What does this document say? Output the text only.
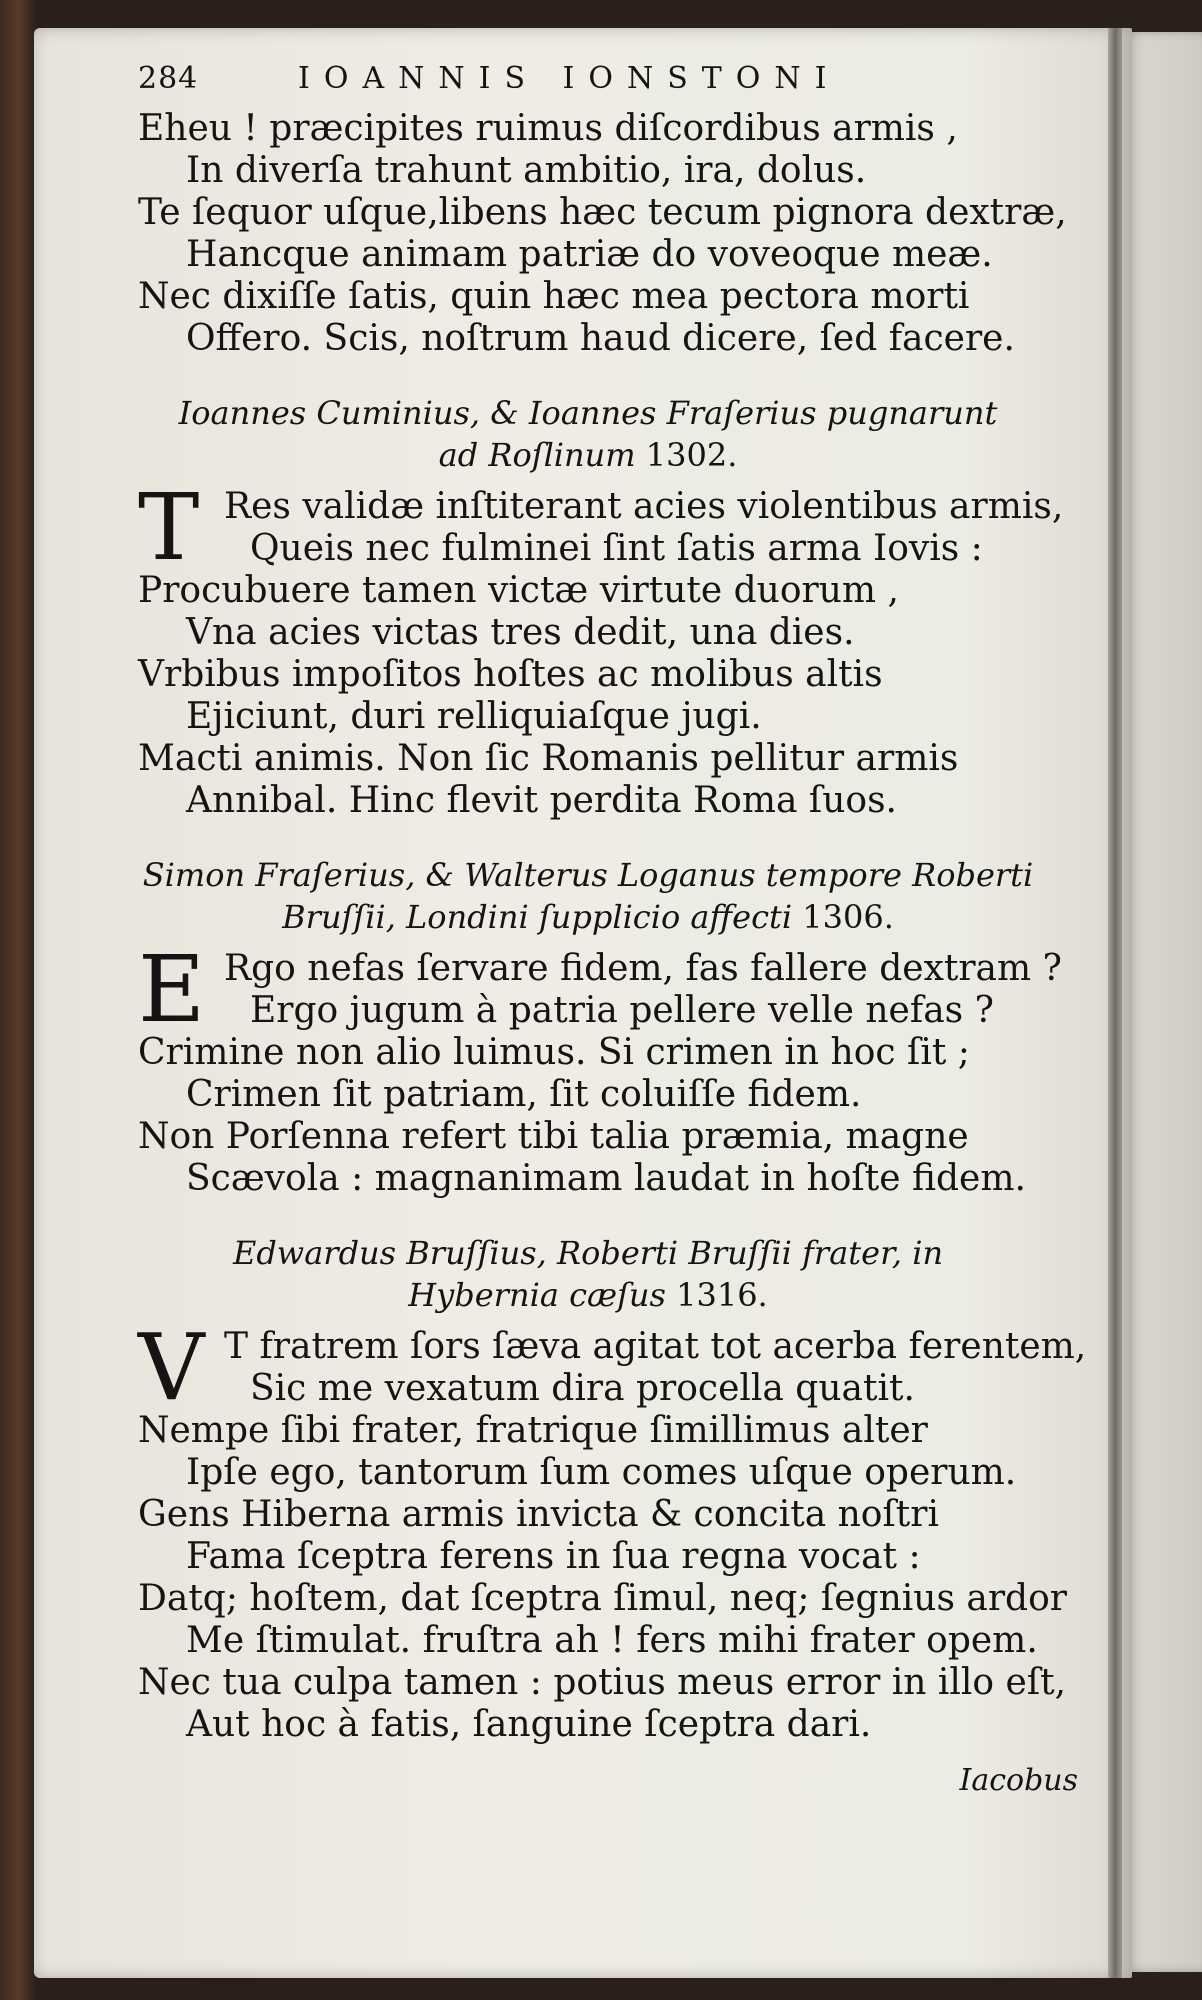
284	IOANNIS IONSTONI
Eheu ! præcipites ruimus diſcordibus armis ,
In diverſa trahunt ambitio, ira, dolus.
Te ſequor uſque,libens hæc tecum pignora dextræ,
Hancque animam patriæ do voveoque meæ.
Nec dixiſſe ſatis, quin hæc mea pectora morti
Offero. Scis, noſtrum haud dicere, ſed facere.
Ioannes Cuminius, & Ioannes Fraſerius pugnarunt
ad Roſlinum 1302.
T Res validæ inſtiterant acies violentibus armis,
Queis nec fulminei ſint ſatis arma Iovis :
Procubuere tamen victæ virtute duorum ,
Vna acies victas tres dedit, una dies.
Vrbibus impoſitos hoſtes ac molibus altis
Ejiciunt, duri relliquiaſque jugi.
Macti animis. Non ſic Romanis pellitur armis
Annibal. Hinc flevit perdita Roma ſuos.
Simon Fraſerius, & Walterus Loganus tempore Roberti
Bruſſii, Londini ſupplicio affecti 1306.
E Rgo nefas ſervare fidem, fas fallere dextram ?
Ergo jugum à patria pellere velle nefas ?
Crimine non alio luimus. Si crimen in hoc ſit ;
Crimen ſit patriam, ſit coluiſſe fidem.
Non Porſenna refert tibi talia præmia, magne
Scævola : magnanimam laudat in hoſte fidem.
Edwardus Bruſſius, Roberti Bruſſii frater, in
Hybernia cæſus 1316.
V T fratrem ſors ſæva agitat tot acerba ferentem,
Sic me vexatum dira procella quatit.
Nempe ſibi frater, fratrique ſimillimus alter
Ipſe ego, tantorum ſum comes uſque operum.
Gens Hiberna armis invicta & concita noſtri
Fama ſceptra ferens in ſua regna vocat :
Datq; hoſtem, dat ſceptra ſimul, neq; ſegnius ardor
Me ſtimulat. fruſtra ah ! fers mihi frater opem.
Nec tua culpa tamen : potius meus error in illo eſt,
Aut hoc à fatis, ſanguine ſceptra dari.
Iacobus
